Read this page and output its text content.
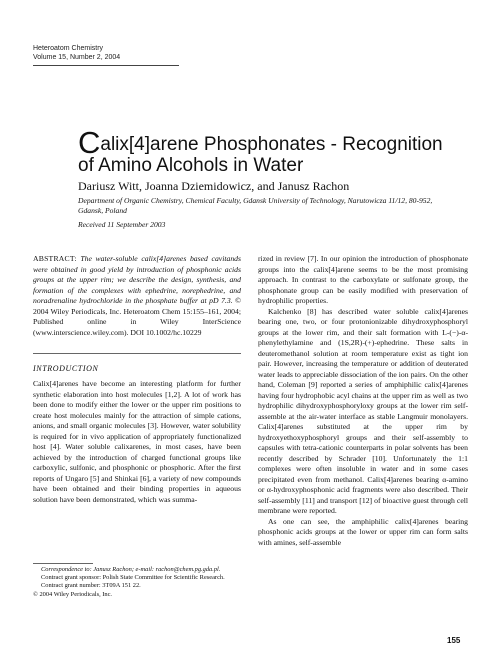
Heteroatom Chemistry
Volume 15, Number 2, 2004
Calix[4]arene Phosphonates - Recognition
of Amino Alcohols in Water
Dariusz Witt, Joanna Dziemidowicz, and Janusz Rachon
Department of Organic Chemistry, Chemical Faculty, Gdansk University of Technology, Narutowicza 11/12, 80-952, Gdansk, Poland
Received 11 September 2003
ABSTRACT: The water-soluble calix[4]arenes based cavitands were obtained in good yield by introduction of phosphonic acids groups at the upper rim; we describe the design, synthesis, and formation of the complexes with ephedrine, norephedrine, and noradrenaline hydrochloride in the phosphate buffer at pD 7.3. © 2004 Wiley Periodicals, Inc. Heteroatom Chem 15:155–161, 2004; Published online in Wiley InterScience (www.interscience.wiley.com). DOI 10.1002/hc.10229
INTRODUCTION
Calix[4]arenes have become an interesting platform for further synthetic elaboration into host molecules [1,2]. A lot of work has been done to modify either the lower or the upper rim positions to create host molecules mainly for the attraction of simple cations, anions, and small organic molecules [3]. However, water solubility is required for in vivo application of appropriately functionalized host [4]. Water soluble calixarenes, in most cases, have been achieved by the introduction of charged functional groups like carboxylic, sulfonic, and phosphonic or phosphoric. After the first reports of Ungaro [5] and Shinkai [6], a variety of new compounds have been obtained and their binding properties in aqueous solution have been demonstrated, which was summa-
Correspondence to: Janusz Rachon; e-mail: rachon@chem.pg.gda.pl.
Contract grant sponsor: Polish State Committee for Scientific Research.
Contract grant number: 3T09A 151 22.
© 2004 Wiley Periodicals, Inc.

rized in review [7]. In our opinion the introduction of phosphonate groups into the calix[4]arene seems to be the most promising approach. In contrast to the carboxylate or sulfonate group, the phosphonate group can be easily modified with preservation of hydrophilic properties.

Kalchenko [8] has described water soluble calix[4]arenes bearing one, two, or four protonionizable dihydroxyphosphoryl groups at the lower rim, and their salt formation with L-(−)-α-phenylethylamine and (1S,2R)-(+)-ephedrine. These salts in deuteromethanol solution at room temperature exist as tight ion pair. However, increasing the temperature or addition of deuterated water leads to appreciable dissociation of the ion pairs. On the other hand, Coleman [9] reported a series of amphiphilic calix[4]arenes having four hydrophobic acyl chains at the upper rim as well as two hydrophilic dihydroxyphosphoryloxy groups at the lower rim self-assemble at the air-water interface as stable Langmuir monolayers. Calix[4]arenes substituted at the upper rim by hydroxyethoxyphosphoryl groups and their self-assembly to capsules with tetra-cationic counterparts in polar solvents has been recently described by Schrader [10]. Unfortunately the 1:1 complexes were often insoluble in water and in some cases precipitated even from methanol. Calix[4]arenes bearing α-amino or α-hydroxyphosphonic acid fragments were also described. Their self-assembly [11] and transport [12] of bioactive guest through cell membrane were reported.

As one can see, the amphiphilic calix[4]arenes bearing phosphonic acids groups at the lower or upper rim can form salts with amines, self-assemble

155
